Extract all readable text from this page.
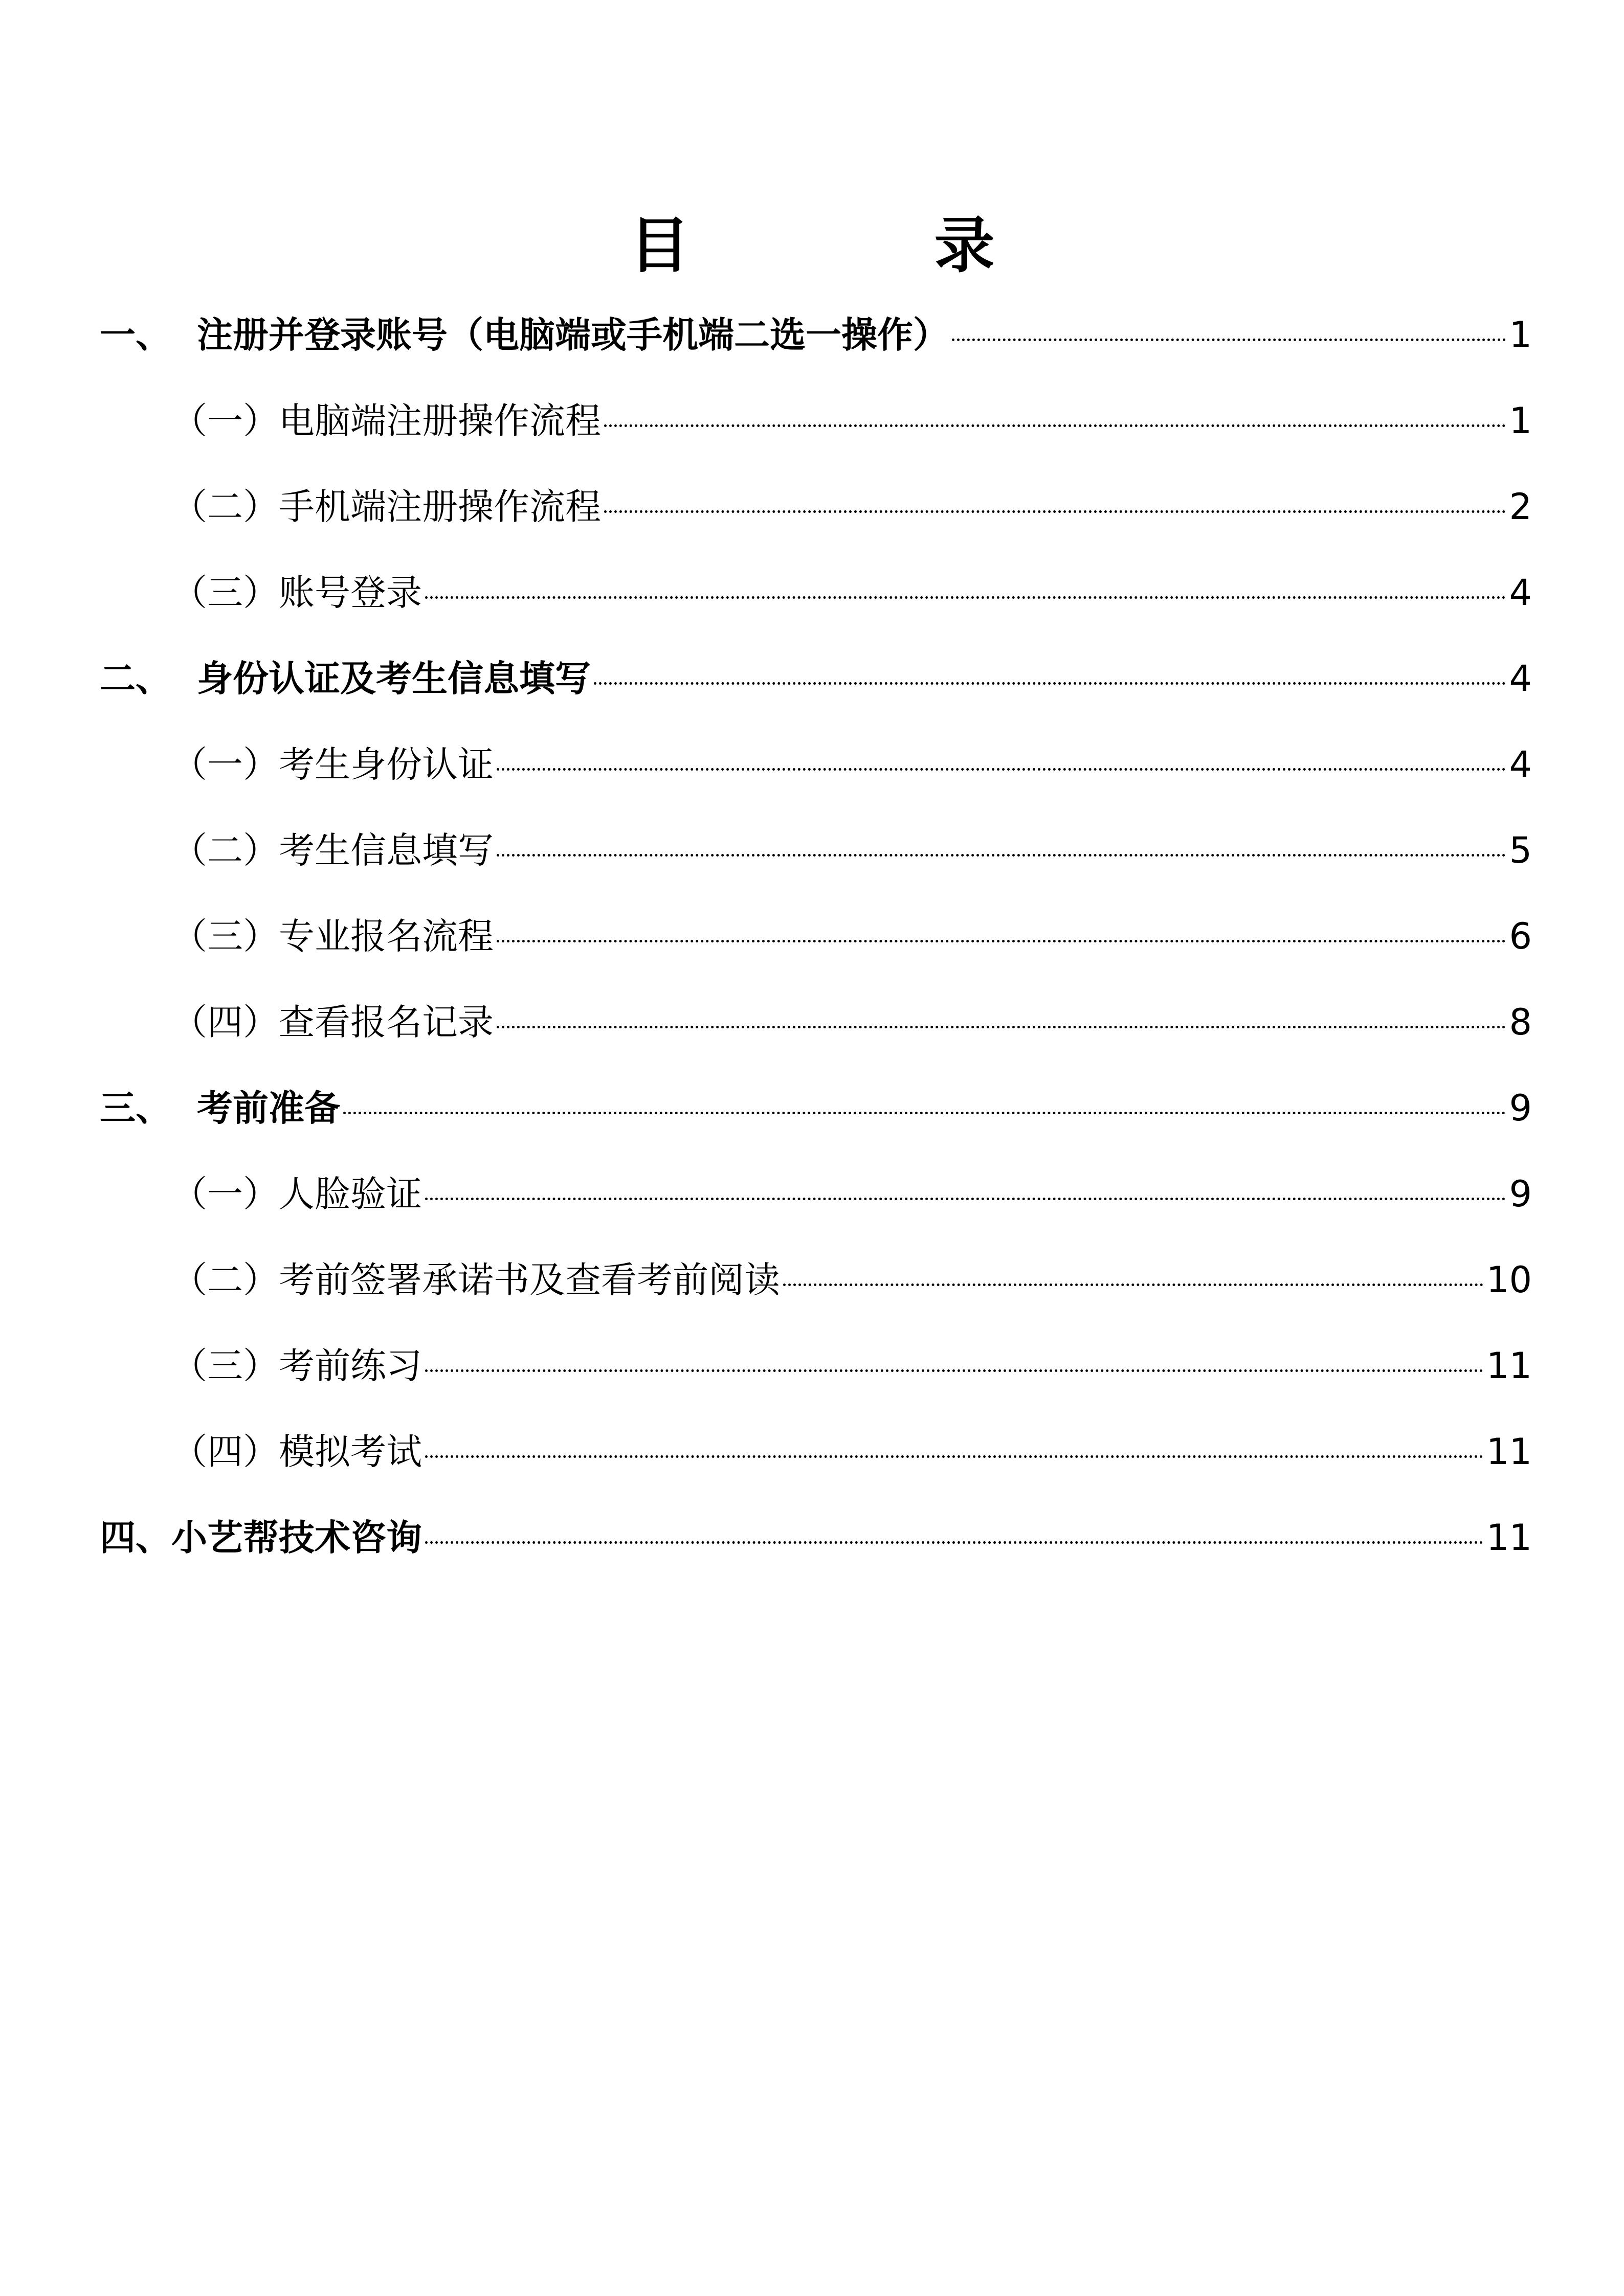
目　录
一、 注册并登录账号（电脑端或手机端二选一操作）	1
（一） 电脑端注册操作流程	1
（二） 手机端注册操作流程	2
（三） 账号登录	4
二、 身份认证及考生信息填写	4
（一） 考生身份认证	4
（二） 考生信息填写	5
（三） 专业报名流程	6
（四） 查看报名记录	8
三、 考前准备	9
（一） 人脸验证	9
（二） 考前签署承诺书及查看考前阅读	10
（三） 考前练习	11
（四） 模拟考试	11
四、 小艺帮技术咨询	11
